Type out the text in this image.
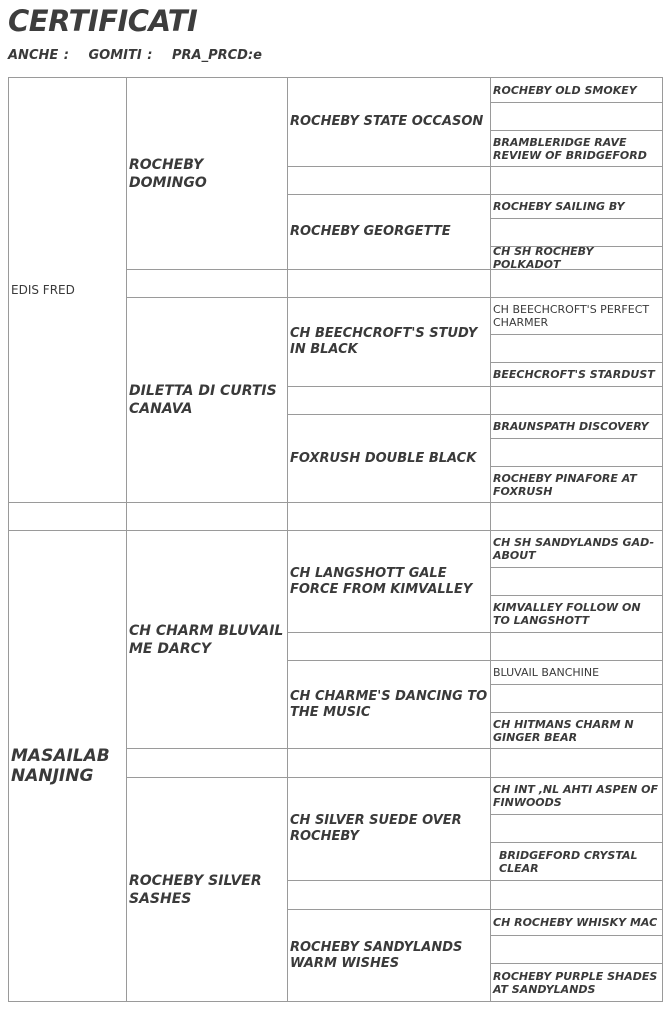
CERTIFICATI
ANCHE : GOMITI : PRA_PRCD:e
EDIS FRED
MASAILAB NANJING
ROCHEBY DOMINGO
DILETTA DI CURTIS CANAVA
CH CHARM BLUVAIL ME DARCY
ROCHEBY SILVER SASHES
ROCHEBY STATE OCCASON
ROCHEBY GEORGETTE
CH BEECHCROFT'S STUDY IN BLACK
FOXRUSH DOUBLE BLACK
CH LANGSHOTT GALE FORCE FROM KIMVALLEY
CH CHARME'S DANCING TO THE MUSIC
CH SILVER SUEDE OVER ROCHEBY
ROCHEBY SANDYLANDS WARM WISHES
ROCHEBY OLD SMOKEY
BRAMBLERIDGE RAVE REVIEW OF BRIDGEFORD
ROCHEBY SAILING BY
CH SH ROCHEBY POLKADOT
CH BEECHCROFT'S PERFECT CHARMER
BEECHCROFT'S STARDUST
BRAUNSPATH DISCOVERY
ROCHEBY PINAFORE AT FOXRUSH
CH SH SANDYLANDS GAD-ABOUT
KIMVALLEY FOLLOW ON TO LANGSHOTT
BLUVAIL BANCHINE
CH HITMANS CHARM N GINGER BEAR
CH INT ,NL AHTI ASPEN OF FINWOODS
BRIDGEFORD CRYSTAL CLEAR
CH ROCHEBY WHISKY MAC
ROCHEBY PURPLE SHADES AT SANDYLANDS
